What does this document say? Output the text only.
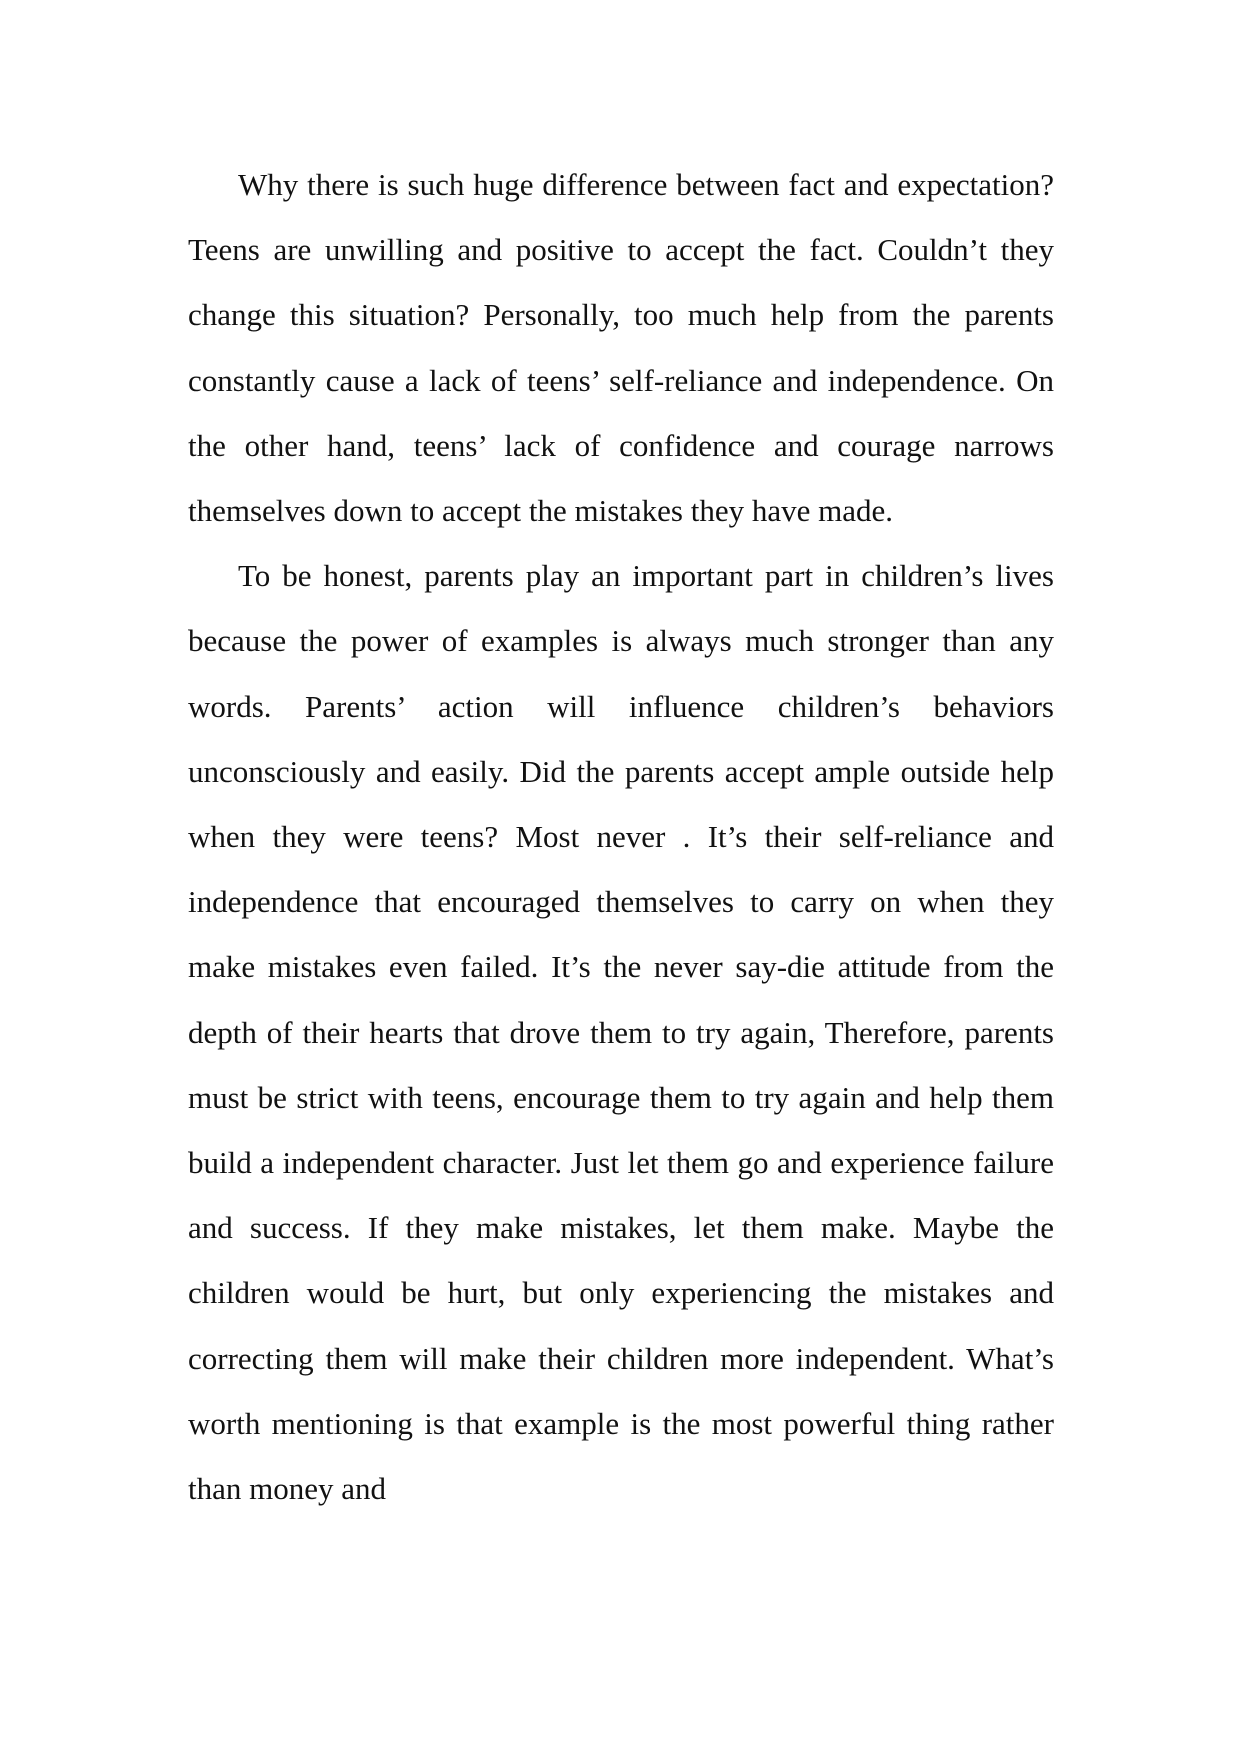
Why there is such huge difference between fact and expectation? Teens are unwilling and positive to accept the fact. Couldn’t they change this situation? Personally, too much help from the parents constantly cause a lack of teens’ self-reliance and independence. On the other hand, teens’ lack of confidence and courage narrows themselves down to accept the mistakes they have made.

To be honest, parents play an important part in children’s lives because the power of examples is always much stronger than any words. Parents’ action will influence children’s behaviors unconsciously and easily. Did the parents accept ample outside help when they were teens? Most never . It’s their self-reliance and independence that encouraged themselves to carry on when they make mistakes even failed. It’s the never say-die attitude from the depth of their hearts that drove them to try again, Therefore, parents must be strict with teens, encourage them to try again and help them build a independent character. Just let them go and experience failure and success. If they make mistakes, let them make. Maybe the children would be hurt, but only experiencing the mistakes and correcting them will make their children more independent. What’s worth mentioning is that example is the most powerful thing rather than money and
